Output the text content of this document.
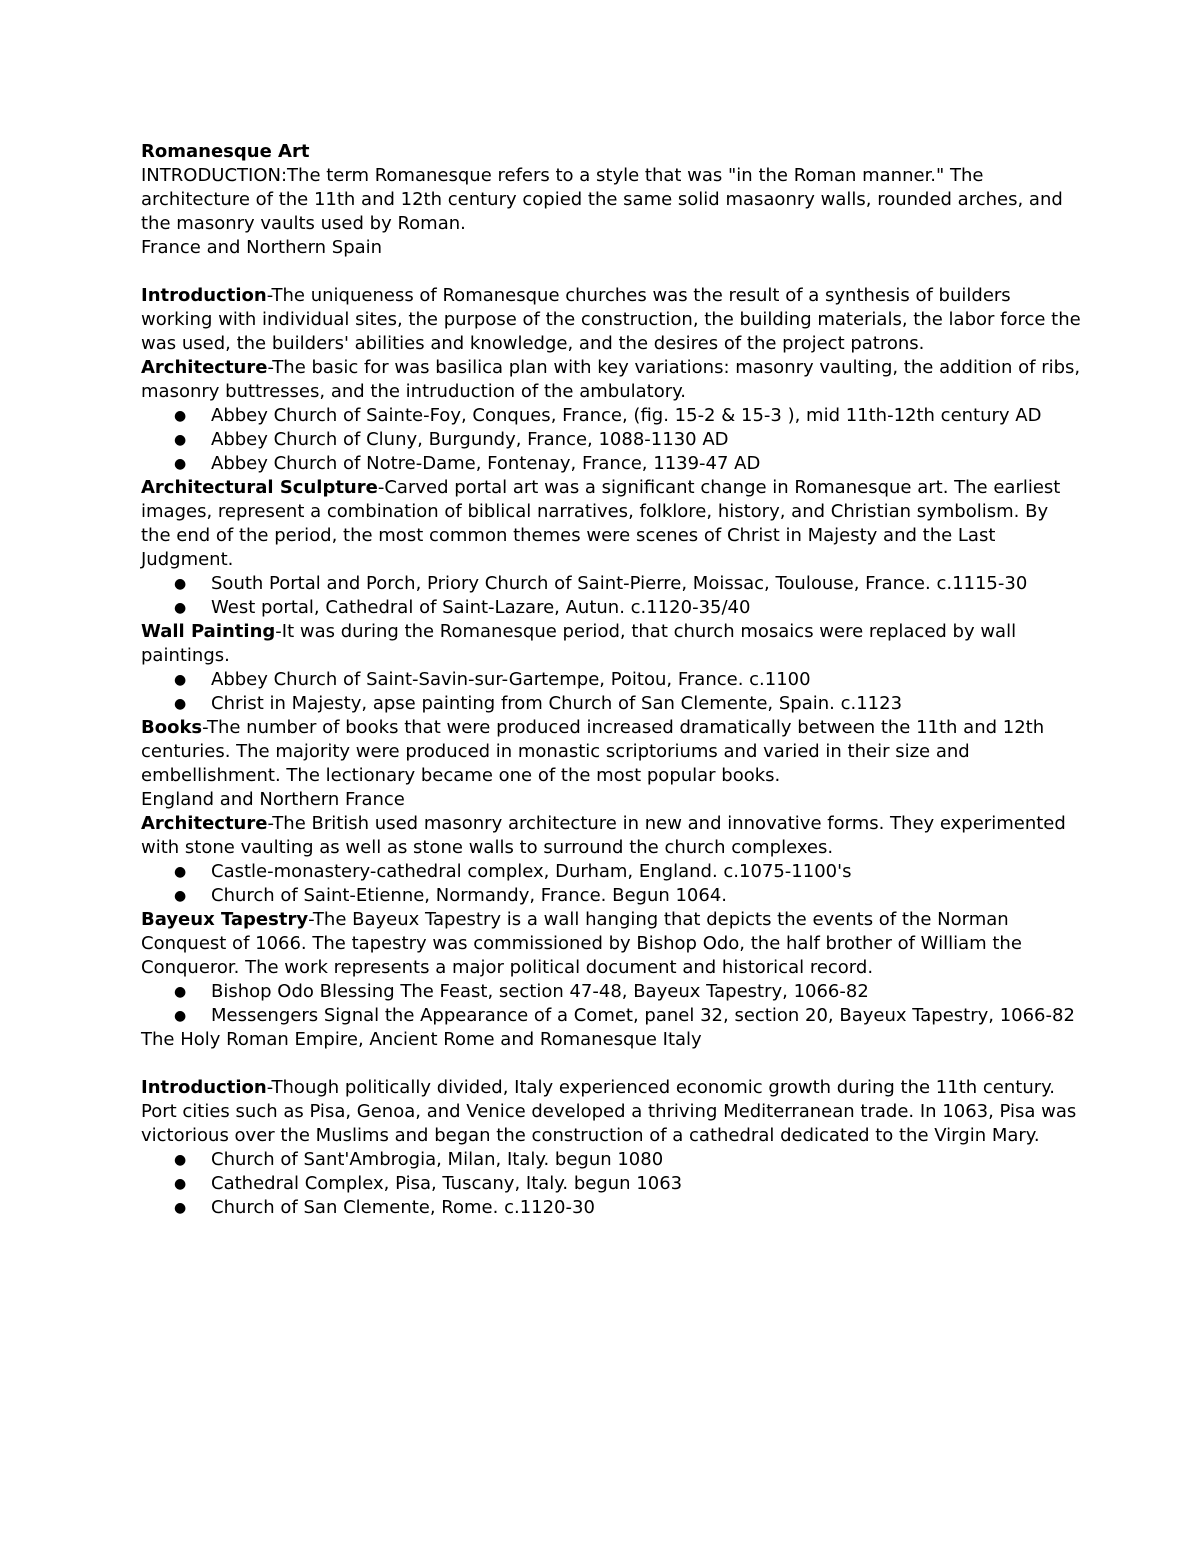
Romanesque Art

INTRODUCTION:The term Romanesque refers to a style that was "in the Roman manner." The architecture of the 11th and 12th century copied the same solid masaonry walls, rounded arches, and the masonry vaults used by Roman.

France and Northern Spain

Introduction-The uniqueness of Romanesque churches was the result of a synthesis of builders working with individual sites, the purpose of the construction, the building materials, the labor force the was used, the builders' abilities and knowledge, and the desires of the project patrons.

Architecture-The basic for was basilica plan with key variations: masonry vaulting, the addition of ribs, masonry buttresses, and the intruduction of the ambulatory.

● Abbey Church of Sainte-Foy, Conques, France, (fig. 15-2 & 15-3 ), mid 11th-12th century AD
● Abbey Church of Cluny, Burgundy, France, 1088-1130 AD
● Abbey Church of Notre-Dame, Fontenay, France, 1139-47 AD

Architectural Sculpture-Carved portal art was a significant change in Romanesque art. The earliest images, represent a combination of biblical narratives, folklore, history, and Christian symbolism. By the end of the period, the most common themes were scenes of Christ in Majesty and the Last Judgment.

● South Portal and Porch, Priory Church of Saint-Pierre, Moissac, Toulouse, France. c.1115-30
● West portal, Cathedral of Saint-Lazare, Autun. c.1120-35/40

Wall Painting-It was during the Romanesque period, that church mosaics were replaced by wall paintings.

● Abbey Church of Saint-Savin-sur-Gartempe, Poitou, France. c.1100
● Christ in Majesty, apse painting from Church of San Clemente, Spain. c.1123

Books-The number of books that were produced increased dramatically between the 11th and 12th centuries. The majority were produced in monastic scriptoriums and varied in their size and embellishment. The lectionary became one of the most popular books.

England and Northern France

Architecture-The British used masonry architecture in new and innovative forms. They experimented with stone vaulting as well as stone walls to surround the church complexes.

● Castle-monastery-cathedral complex, Durham, England. c.1075-1100's
● Church of Saint-Etienne, Normandy, France. Begun 1064.

Bayeux Tapestry-The Bayeux Tapestry is a wall hanging that depicts the events of the Norman Conquest of 1066. The tapestry was commissioned by Bishop Odo, the half brother of William the Conqueror. The work represents a major political document and historical record.

● Bishop Odo Blessing The Feast, section 47-48, Bayeux Tapestry, 1066-82
● Messengers Signal the Appearance of a Comet, panel 32, section 20, Bayeux Tapestry, 1066-82

The Holy Roman Empire, Ancient Rome and Romanesque Italy

Introduction-Though politically divided, Italy experienced economic growth during the 11th century. Port cities such as Pisa, Genoa, and Venice developed a thriving Mediterranean trade. In 1063, Pisa was victorious over the Muslims and began the construction of a cathedral dedicated to the Virgin Mary.

● Church of Sant'Ambrogia, Milan, Italy. begun 1080
● Cathedral Complex, Pisa, Tuscany, Italy. begun 1063
● Church of San Clemente, Rome. c.1120-30
